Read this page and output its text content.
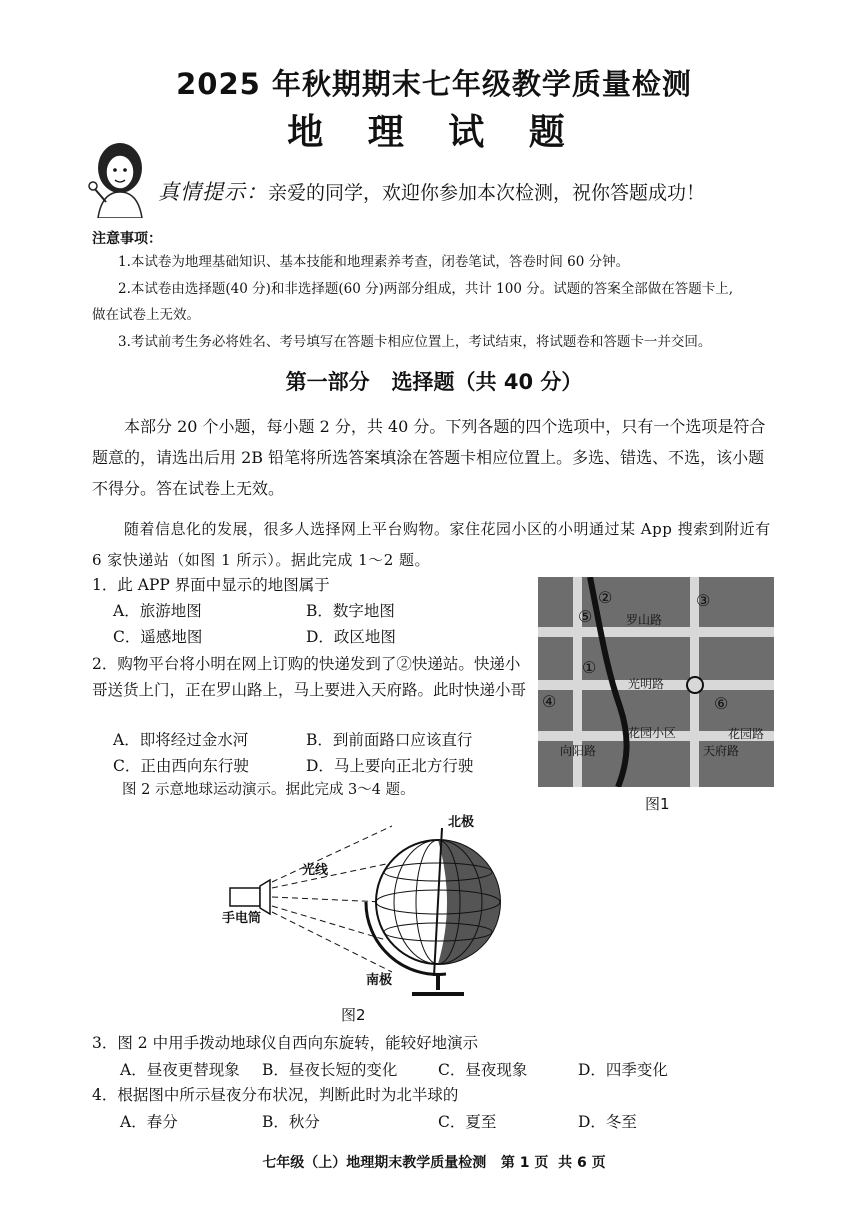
2025 年秋期期末七年级教学质量检测
地 理 试 题
真情提示：亲爱的同学，欢迎你参加本次检测，祝你答题成功！
注意事项：
1.本试卷为地理基础知识、基本技能和地理素养考查，闭卷笔试，答卷时间 60 分钟。
2.本试卷由选择题(40 分)和非选择题(60 分)两部分组成，共计 100 分。试题的答案全部做在答题卡上,
做在试卷上无效。
3.考试前考生务必将姓名、考号填写在答题卡相应位置上，考试结束，将试题卷和答题卡一并交回。
第一部分   选择题（共 40 分）
本部分 20 个小题，每小题 2 分，共 40 分。下列各题的四个选项中，只有一个选项是符合题意的，请选出后用 2B 铅笔将所选答案填涂在答题卡相应位置上。多选、错选、不选，该小题不得分。答在试卷上无效。
随着信息化的发展，很多人选择网上平台购物。家住花园小区的小明通过某 App 搜索到附近有 6 家快递站（如图 1 所示）。据此完成 1～2 题。
1．此 APP 界面中显示的地图属于
A．旅游地图	B．数字地图
C．遥感地图	D．政区地图
2．购物平台将小明在网上订购的快递发到了②快递站。快递小哥送货上门，正在罗山路上，马上要进入天府路。此时快递小哥
A．即将经过金水河	B．到前面路口应该直行
C．正由西向东行驶	D．马上要向正北方行驶
图 2 示意地球运动演示。据此完成 3～4 题。
罗山路
光明路
花园小区	花园路
向阳路	天府路
②	③
⑤
①
④	⑥
图1
北极
南极
光线
手电筒
图2
3．图 2 中用手拨动地球仪自西向东旋转，能较好地演示
A．昼夜更替现象 B．昼夜长短的变化	C．昼夜现象	D．四季变化
4．根据图中所示昼夜分布状况，判断此时为北半球的
A．春分	B．秋分	C．夏至	D．冬至
七年级（上）地理期末教学质量检测   第 1 页  共 6 页
